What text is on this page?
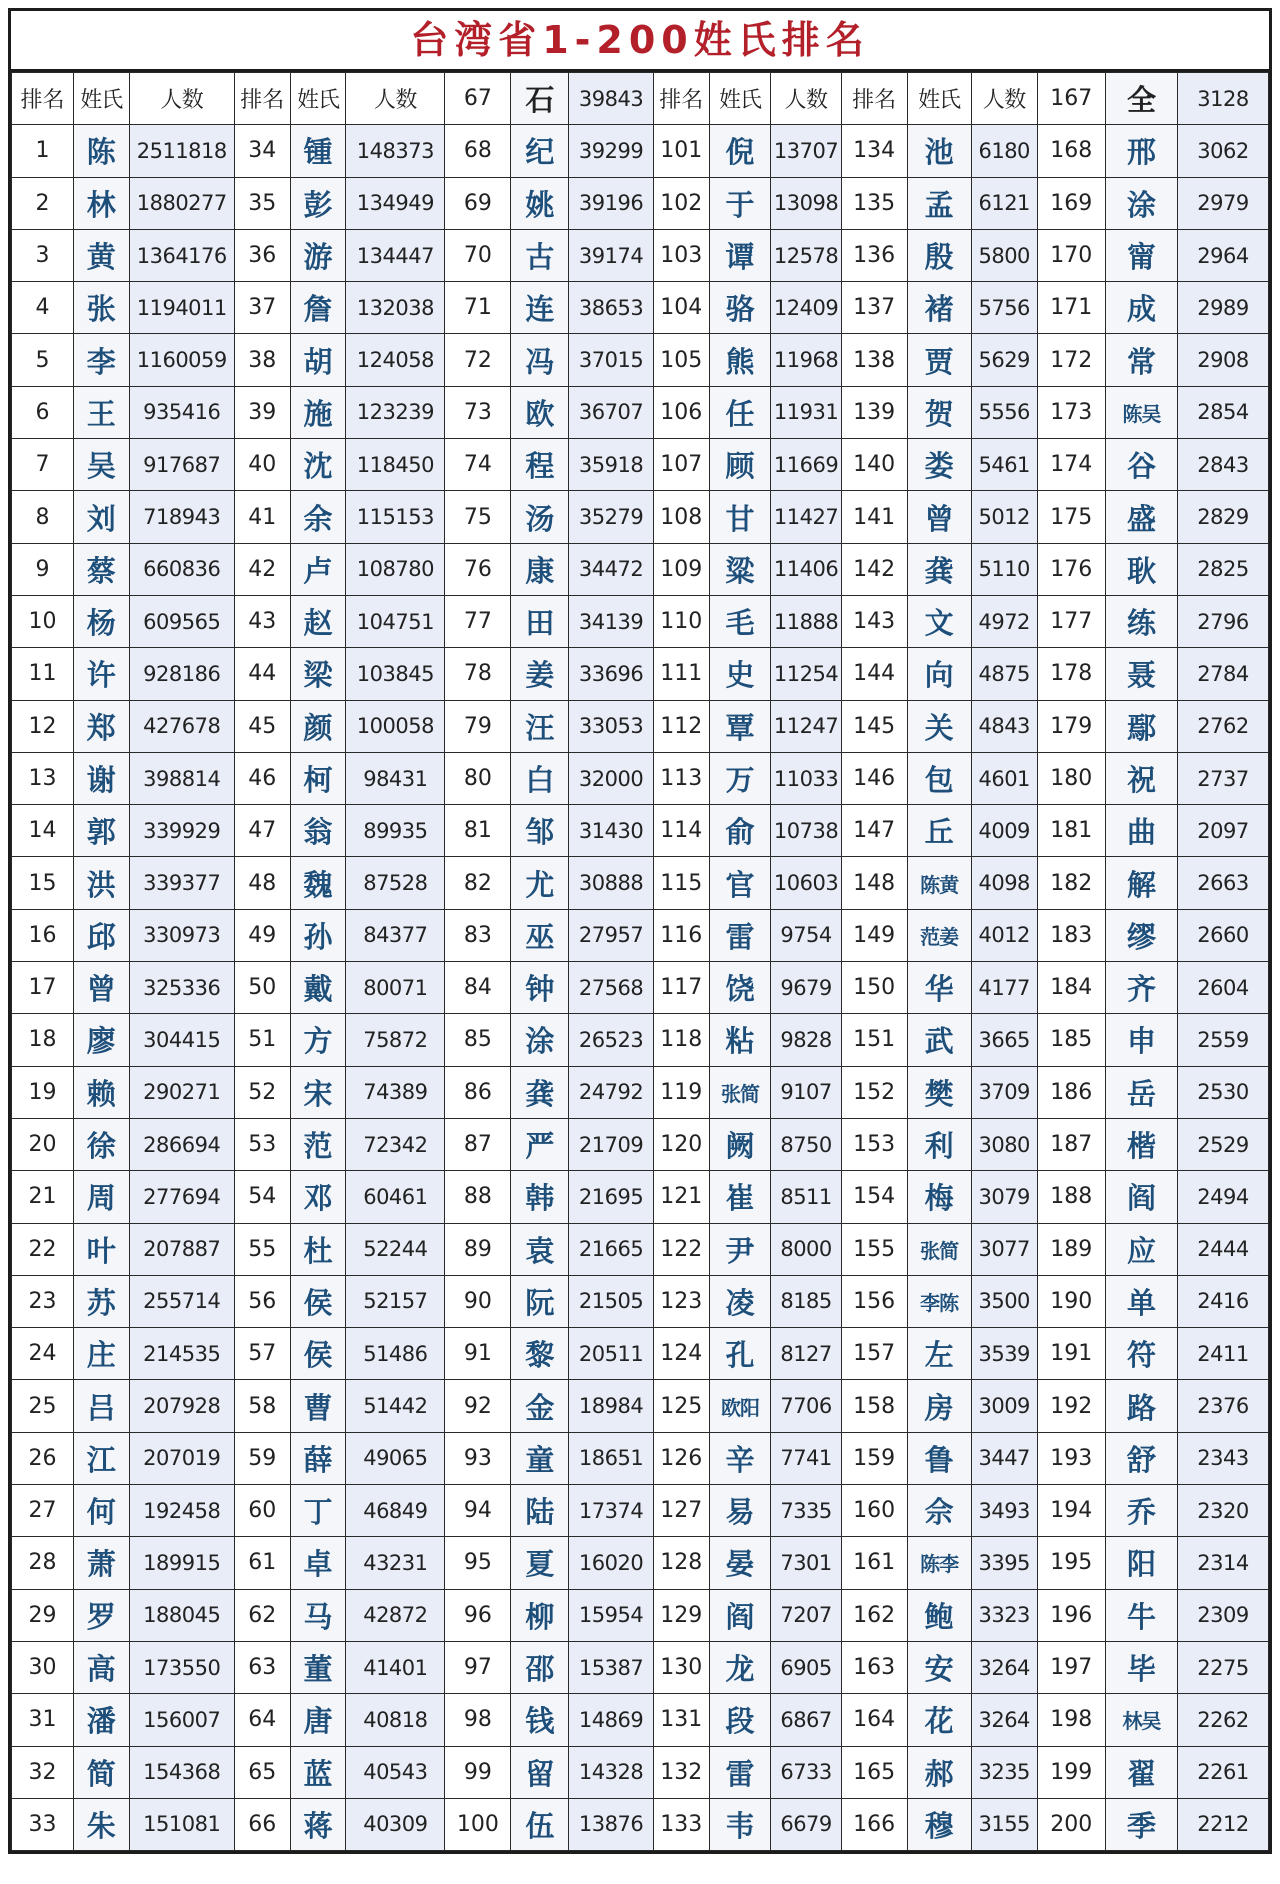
台湾省1-200姓氏排名
排名	姓氏	人数	排名	姓氏	人数	67	石	39843	排名	姓氏	人数	排名	姓氏	人数	167	全	3128
1	陈	2511818	34	锺	148373	68	纪	39299	101	倪	13707	134	池	6180	168	邢	3062
2	林	1880277	35	彭	134949	69	姚	39196	102	于	13098	135	孟	6121	169	涂	2979
3	黄	1364176	36	游	134447	70	古	39174	103	谭	12578	136	殷	5800	170	甯	2964
4	张	1194011	37	詹	132038	71	连	38653	104	骆	12409	137	褚	5756	171	成	2989
5	李	1160059	38	胡	124058	72	冯	37015	105	熊	11968	138	贾	5629	172	常	2908
6	王	935416	39	施	123239	73	欧	36707	106	任	11931	139	贺	5556	173	陈吴	2854
7	吴	917687	40	沈	118450	74	程	35918	107	顾	11669	140	娄	5461	174	谷	2843
8	刘	718943	41	余	115153	75	汤	35279	108	甘	11427	141	曾	5012	175	盛	2829
9	蔡	660836	42	卢	108780	76	康	34472	109	粱	11406	142	龚	5110	176	耿	2825
10	杨	609565	43	赵	104751	77	田	34139	110	毛	11888	143	文	4972	177	练	2796
11	许	928186	44	梁	103845	78	姜	33696	111	史	11254	144	向	4875	178	聂	2784
12	郑	427678	45	颜	100058	79	汪	33053	112	覃	11247	145	关	4843	179	鄢	2762
13	谢	398814	46	柯	98431	80	白	32000	113	万	11033	146	包	4601	180	祝	2737
14	郭	339929	47	翁	89935	81	邹	31430	114	俞	10738	147	丘	4009	181	曲	2097
15	洪	339377	48	魏	87528	82	尤	30888	115	官	10603	148	陈黄	4098	182	解	2663
16	邱	330973	49	孙	84377	83	巫	27957	116	雷	9754	149	范姜	4012	183	缪	2660
17	曾	325336	50	戴	80071	84	钟	27568	117	饶	9679	150	华	4177	184	齐	2604
18	廖	304415	51	方	75872	85	涂	26523	118	粘	9828	151	武	3665	185	申	2559
19	赖	290271	52	宋	74389	86	龚	24792	119	张简	9107	152	樊	3709	186	岳	2530
20	徐	286694	53	范	72342	87	严	21709	120	阙	8750	153	利	3080	187	楷	2529
21	周	277694	54	邓	60461	88	韩	21695	121	崔	8511	154	梅	3079	188	阎	2494
22	叶	207887	55	杜	52244	89	袁	21665	122	尹	8000	155	张简	3077	189	应	2444
23	苏	255714	56	侯	52157	90	阮	21505	123	凌	8185	156	李陈	3500	190	单	2416
24	庄	214535	57	侯	51486	91	黎	20511	124	孔	8127	157	左	3539	191	符	2411
25	吕	207928	58	曹	51442	92	金	18984	125	欧阳	7706	158	房	3009	192	路	2376
26	江	207019	59	薛	49065	93	童	18651	126	辛	7741	159	鲁	3447	193	舒	2343
27	何	192458	60	丁	46849	94	陆	17374	127	易	7335	160	佘	3493	194	乔	2320
28	萧	189915	61	卓	43231	95	夏	16020	128	晏	7301	161	陈李	3395	195	阳	2314
29	罗	188045	62	马	42872	96	柳	15954	129	阎	7207	162	鲍	3323	196	牛	2309
30	高	173550	63	董	41401	97	邵	15387	130	龙	6905	163	安	3264	197	毕	2275
31	潘	156007	64	唐	40818	98	钱	14869	131	段	6867	164	花	3264	198	林吴	2262
32	简	154368	65	蓝	40543	99	留	14328	132	雷	6733	165	郝	3235	199	翟	2261
33	朱	151081	66	蒋	40309	100	伍	13876	133	韦	6679	166	穆	3155	200	季	2212
